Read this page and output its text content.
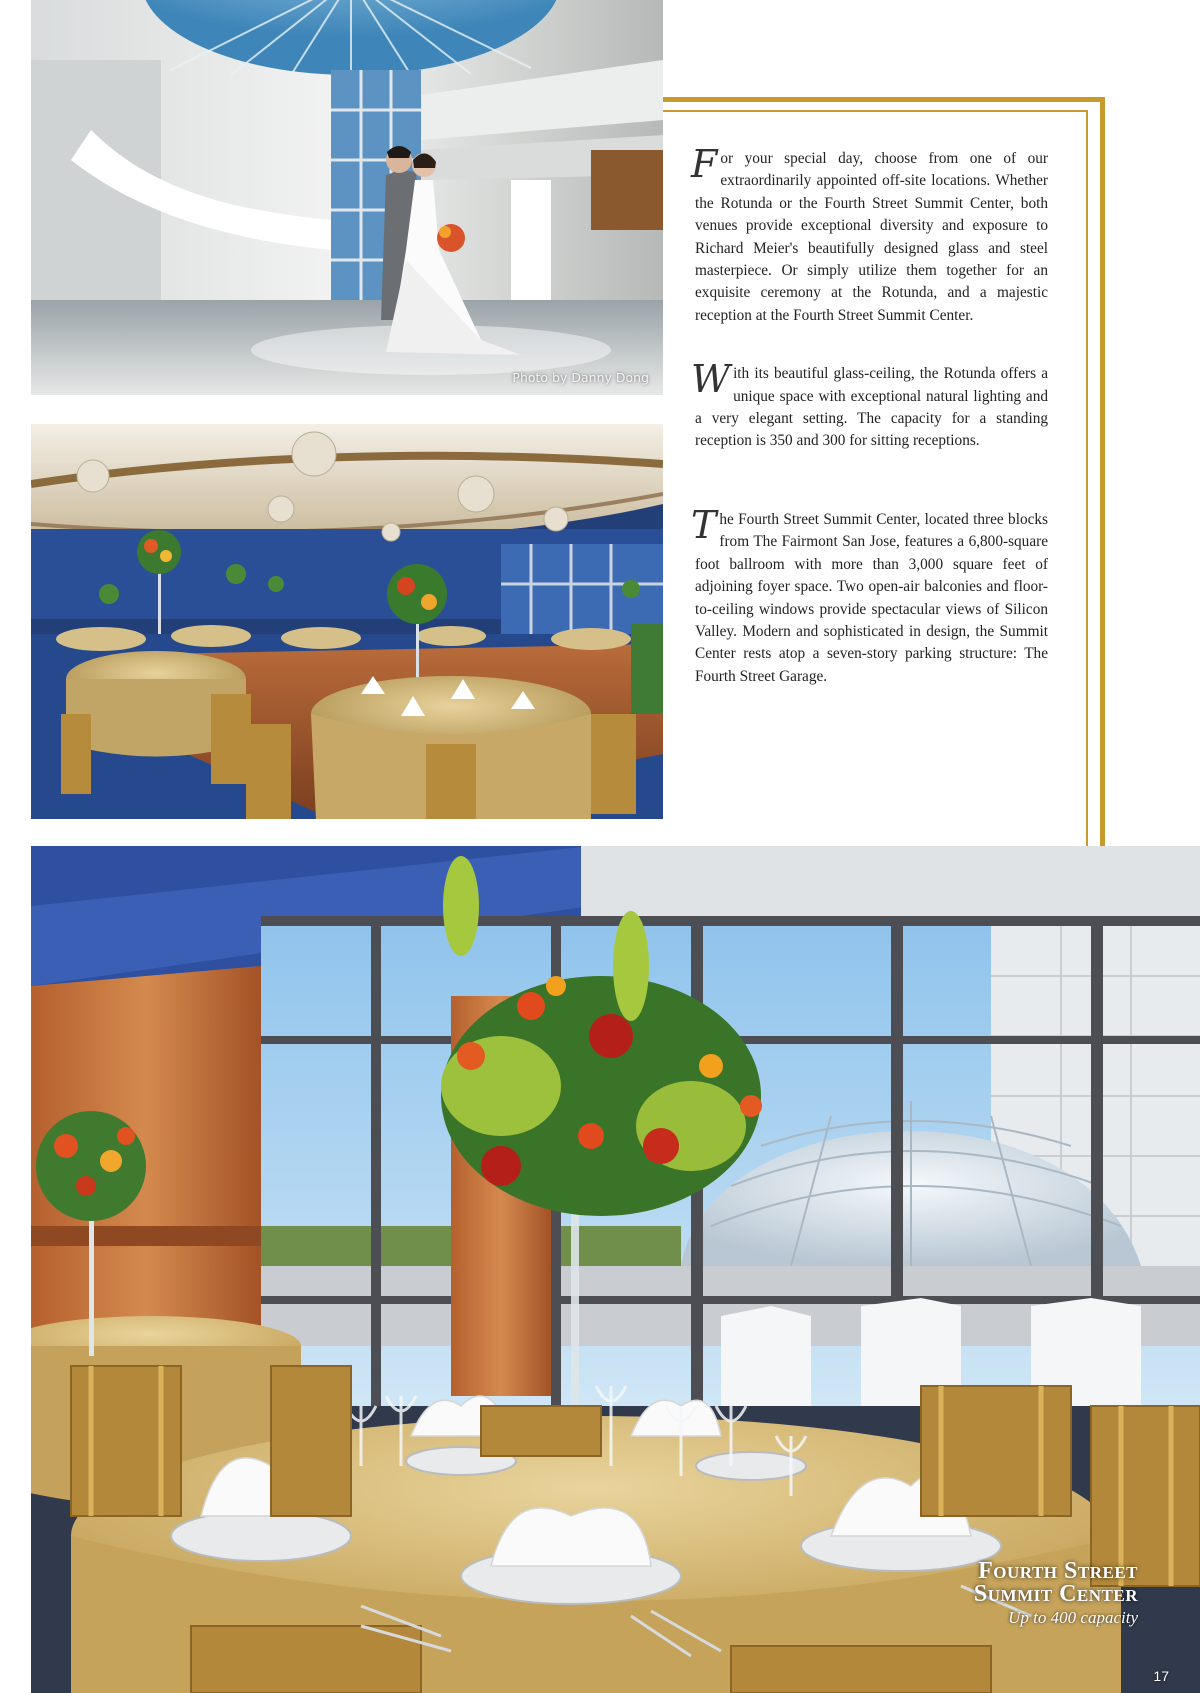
Photo by Danny Dong

For your special day, choose from one of our extraordinarily appointed off-site locations. Whether the Rotunda or the Fourth Street Summit Center, both venues provide exceptional diversity and exposure to Richard Meier's beautifully designed glass and steel masterpiece. Or simply utilize them together for an exquisite ceremony at the Rotunda, and a majestic reception at the Fourth Street Summit Center.

With its beautiful glass-ceiling, the Rotunda offers a unique space with exceptional natural lighting and a very elegant setting. The capacity for a standing reception is 350 and 300 for sitting receptions.

The Fourth Street Summit Center, located three blocks from The Fairmont San Jose, features a 6,800-square foot ballroom with more than 3,000 square feet of adjoining foyer space. Two open-air balconies and floor-to-ceiling windows provide spectacular views of Silicon Valley. Modern and sophisticated in design, the Summit Center rests atop a seven-story parking structure: The Fourth Street Garage.

Fourth Street
Summit Center
Up to 400 capacity
17
